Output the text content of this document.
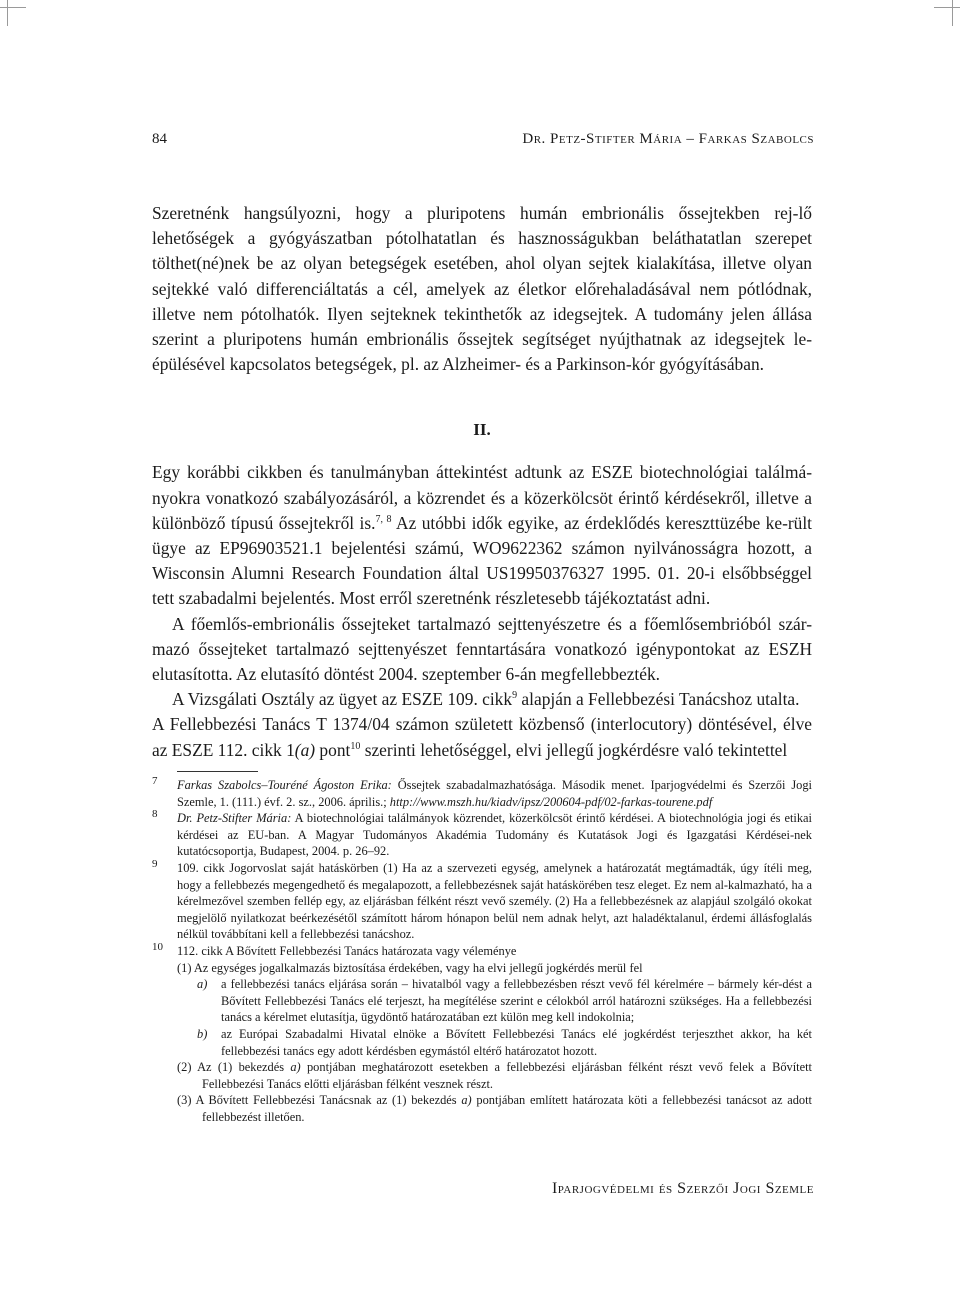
84	Dr. Petz-Stifter Mária – Farkas Szabolcs

Szeretnénk hangsúlyozni, hogy a pluripotens humán embrionális őssejtekben rej-lő lehetőségek a gyógyászatban pótolhatatlan és hasznosságukban beláthatatlan szerepet tölthet(né)nek be az olyan betegségek esetében, ahol olyan sejtek kialakítása, illetve olyan sejtekké való differenciáltatás a cél, amelyek az életkor előrehaladásával nem pótlódnak, illetve nem pótolhatók. Ilyen sejteknek tekinthetők az idegsejtek. A tudomány jelen állása szerint a pluripotens humán embrionális őssejtek segítséget nyújthatnak az idegsejtek le-épülésével kapcsolatos betegségek, pl. az Alzheimer- és a Parkinson-kór gyógyításában.

II.

Egy korábbi cikkben és tanulmányban áttekintést adtunk az ESZE biotechnológiai találmá-nyokra vonatkozó szabályozásáról, a közrendet és a közerkölcsöt érintő kérdésekről, illetve a különböző típusú őssejtekről is.$^{7, 8}$ Az utóbbi idők egyike, az érdeklődés kereszttüzébe ke-rült ügye az EP96903521.1 bejelentési számú, WO9622362 számon nyilvánosságra hozott, a Wisconsin Alumni Research Foundation által US19950376327 1995. 01. 20-i elsőbbséggel tett szabadalmi bejelentés. Most erről szeretnénk részletesebb tájékoztatást adni.

A főemlős-embrionális őssejteket tartalmazó sejttenyészetre és a főemlősembrióból szár-mazó őssejteket tartalmazó sejttenyészet fenntartására vonatkozó igénypontokat az ESZH elutasította. Az elutasító döntést 2004. szeptember 6-án megfellebbezték.

A Vizsgálati Osztály az ügyet az ESZE 109. cikk$^9$ alapján a Fellebbezési Tanácshoz utalta.

A Fellebbezési Tanács T 1374/04 számon született közbenső (interlocutory) döntésével, élve az ESZE 112. cikk 1(a) pont$^{10}$ szerinti lehetőséggel, elvi jellegű jogkérdésre való tekintettel

7 Farkas Szabolcs–Touréné Ágoston Erika: Őssejtek szabadalmazhatósága. Második menet. Iparjogvédelmi és Szerzői Jogi Szemle, 1. (111.) évf. 2. sz., 2006. április.; http://www.mszh.hu/kiadv/ipsz/200604-pdf/02-farkas-tourene.pdf
8 Dr. Petz-Stifter Mária: A biotechnológiai találmányok közrendet, közerkölcsöt érintő kérdései. A biotechnológia jogi és etikai kérdései az EU-ban. A Magyar Tudományos Akadémia Tudomány és Kutatások Jogi és Igazgatási Kérdései-nek kutatócsoportja, Budapest, 2004. p. 26–92.
9 109. cikk Jogorvoslat saját hatáskörben (1) Ha az a szervezeti egység, amelynek a határozatát megtámadták, úgy ítéli meg, hogy a fellebbezés megengedhető és megalapozott, a fellebbezésnek saját hatáskörében tesz eleget. Ez nem al-kalmazható, ha a kérelmezővel szemben fellép egy, az eljárásban félként részt vevő személy. (2) Ha a fellebbezésnek az alapjául szolgáló okokat megjelölő nyilatkozat beérkezésétől számított három hónapon belül nem adnak helyt, azt haladéktalanul, érdemi állásfoglalás nélkül továbbítani kell a fellebbezési tanácshoz.
10 112. cikk A Bővített Fellebbezési Tanács határozata vagy véleménye
(1) Az egységes jogalkalmazás biztosítása érdekében, vagy ha elvi jellegű jogkérdés merül fel
a) a fellebbezési tanács eljárása során – hivatalból vagy a fellebbezésben részt vevő fél kérelmére – bármely kér-dést a Bővített Fellebbezési Tanács elé terjeszt, ha megítélése szerint e célokból arról határozni szükséges. Ha a fellebbezési tanács a kérelmet elutasítja, ügydöntő határozatában ezt külön meg kell indokolnia;
b) az Európai Szabadalmi Hivatal elnöke a Bővített Fellebbezési Tanács elé jogkérdést terjeszthet akkor, ha két fellebbezési tanács egy adott kérdésben egymástól eltérő határozatot hozott.
(2) Az (1) bekezdés a) pontjában meghatározott esetekben a fellebbezési eljárásban félként részt vevő felek a Bővített Fellebbezési Tanács előtti eljárásban félként vesznek részt.
(3) A Bővített Fellebbezési Tanácsnak az (1) bekezdés a) pontjában említett határozata köti a fellebbezési tanácsot az adott fellebbezést illetően.
Iparjogvédelmi és Szerzői Jogi Szemle
